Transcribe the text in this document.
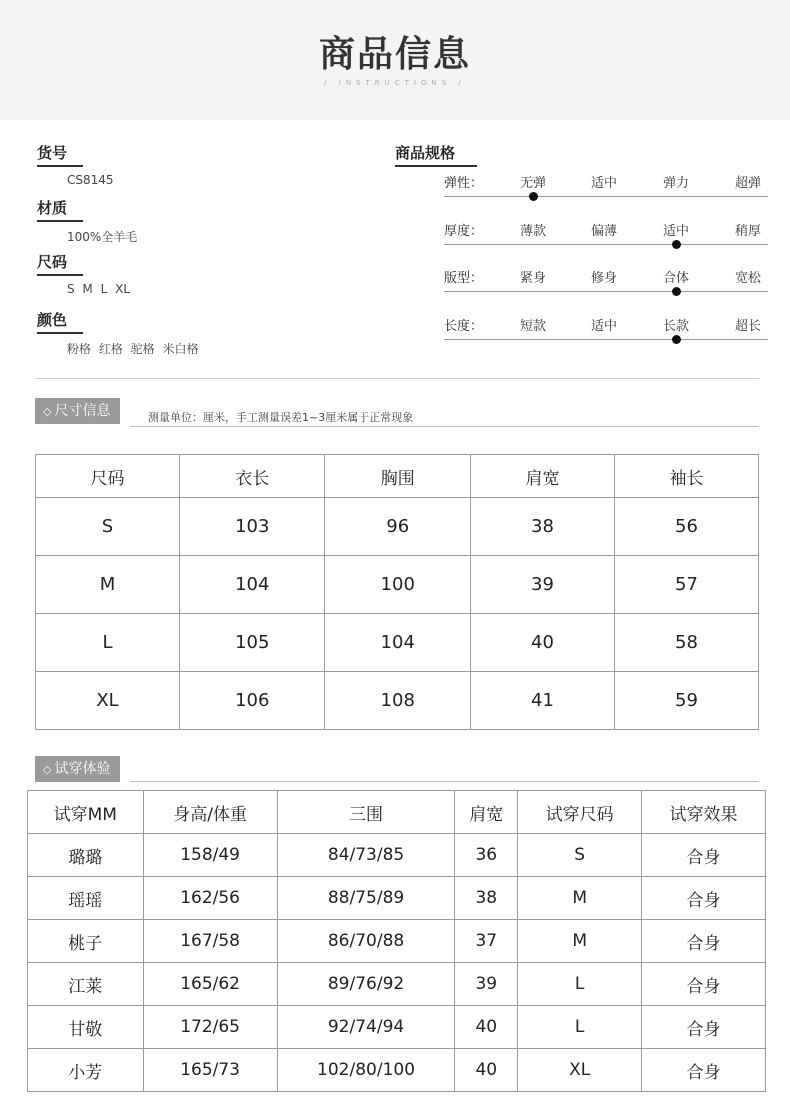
商品信息
/ INSTRUCTIONS /
货号
CS8145
材质
100%全羊毛
尺码
S M L XL
颜色
粉格 红格 驼格 米白格
商品规格
弹性：	无弹	适中	弹力	超弹
厚度：	薄款	偏薄	适中	稍厚
版型：	紧身	修身	合体	宽松
长度：	短款	适中	长款	超长
◇ 尺寸信息	测量单位：厘米，手工测量误差1~3厘米属于正常现象
尺码	衣长	胸围	肩宽	袖长
S	103	96	38	56
M	104	100	39	57
L	105	104	40	58
XL	106	108	41	59
◇ 试穿体验
试穿MM	身高/体重	三围	肩宽	试穿尺码	试穿效果
璐璐	158/49	84/73/85	36	S	合身
瑶瑶	162/56	88/75/89	38	M	合身
桃子	167/58	86/70/88	37	M	合身
江莱	165/62	89/76/92	39	L	合身
甘敬	172/65	92/74/94	40	L	合身
小芳	165/73	102/80/100	40	XL	合身
